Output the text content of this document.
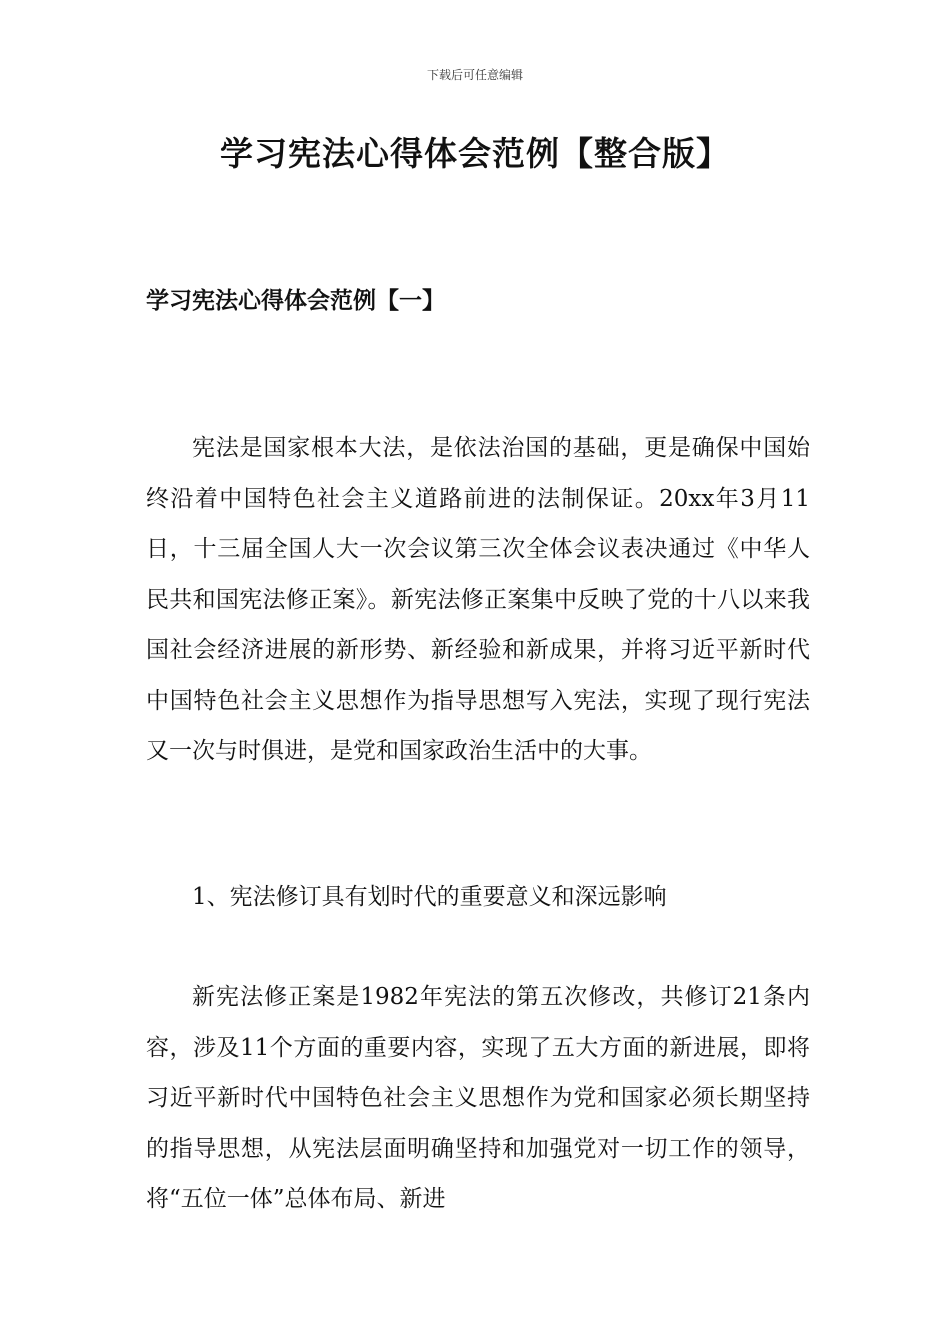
下载后可任意编辑
学习宪法心得体会范例【整合版】
学习宪法心得体会范例【一】

宪法是国家根本大法，是依法治国的基础，更是确保中国始终沿着中国特色社会主义道路前进的法制保证。20xx年3月11日，十三届全国人大一次会议第三次全体会议表决通过《中华人民共和国宪法修正案》。新宪法修正案集中反映了党的十八以来我国社会经济进展的新形势、新经验和新成果，并将习近平新时代中国特色社会主义思想作为指导思想写入宪法，实现了现行宪法又一次与时俱进，是党和国家政治生活中的大事。

1、宪法修订具有划时代的重要意义和深远影响

新宪法修正案是1982年宪法的第五次修改，共修订21条内容，涉及11个方面的重要内容，实现了五大方面的新进展，即将习近平新时代中国特色社会主义思想作为党和国家必须长期坚持的指导思想，从宪法层面明确坚持和加强党对一切工作的领导，将“五位一体”总体布局、新进
